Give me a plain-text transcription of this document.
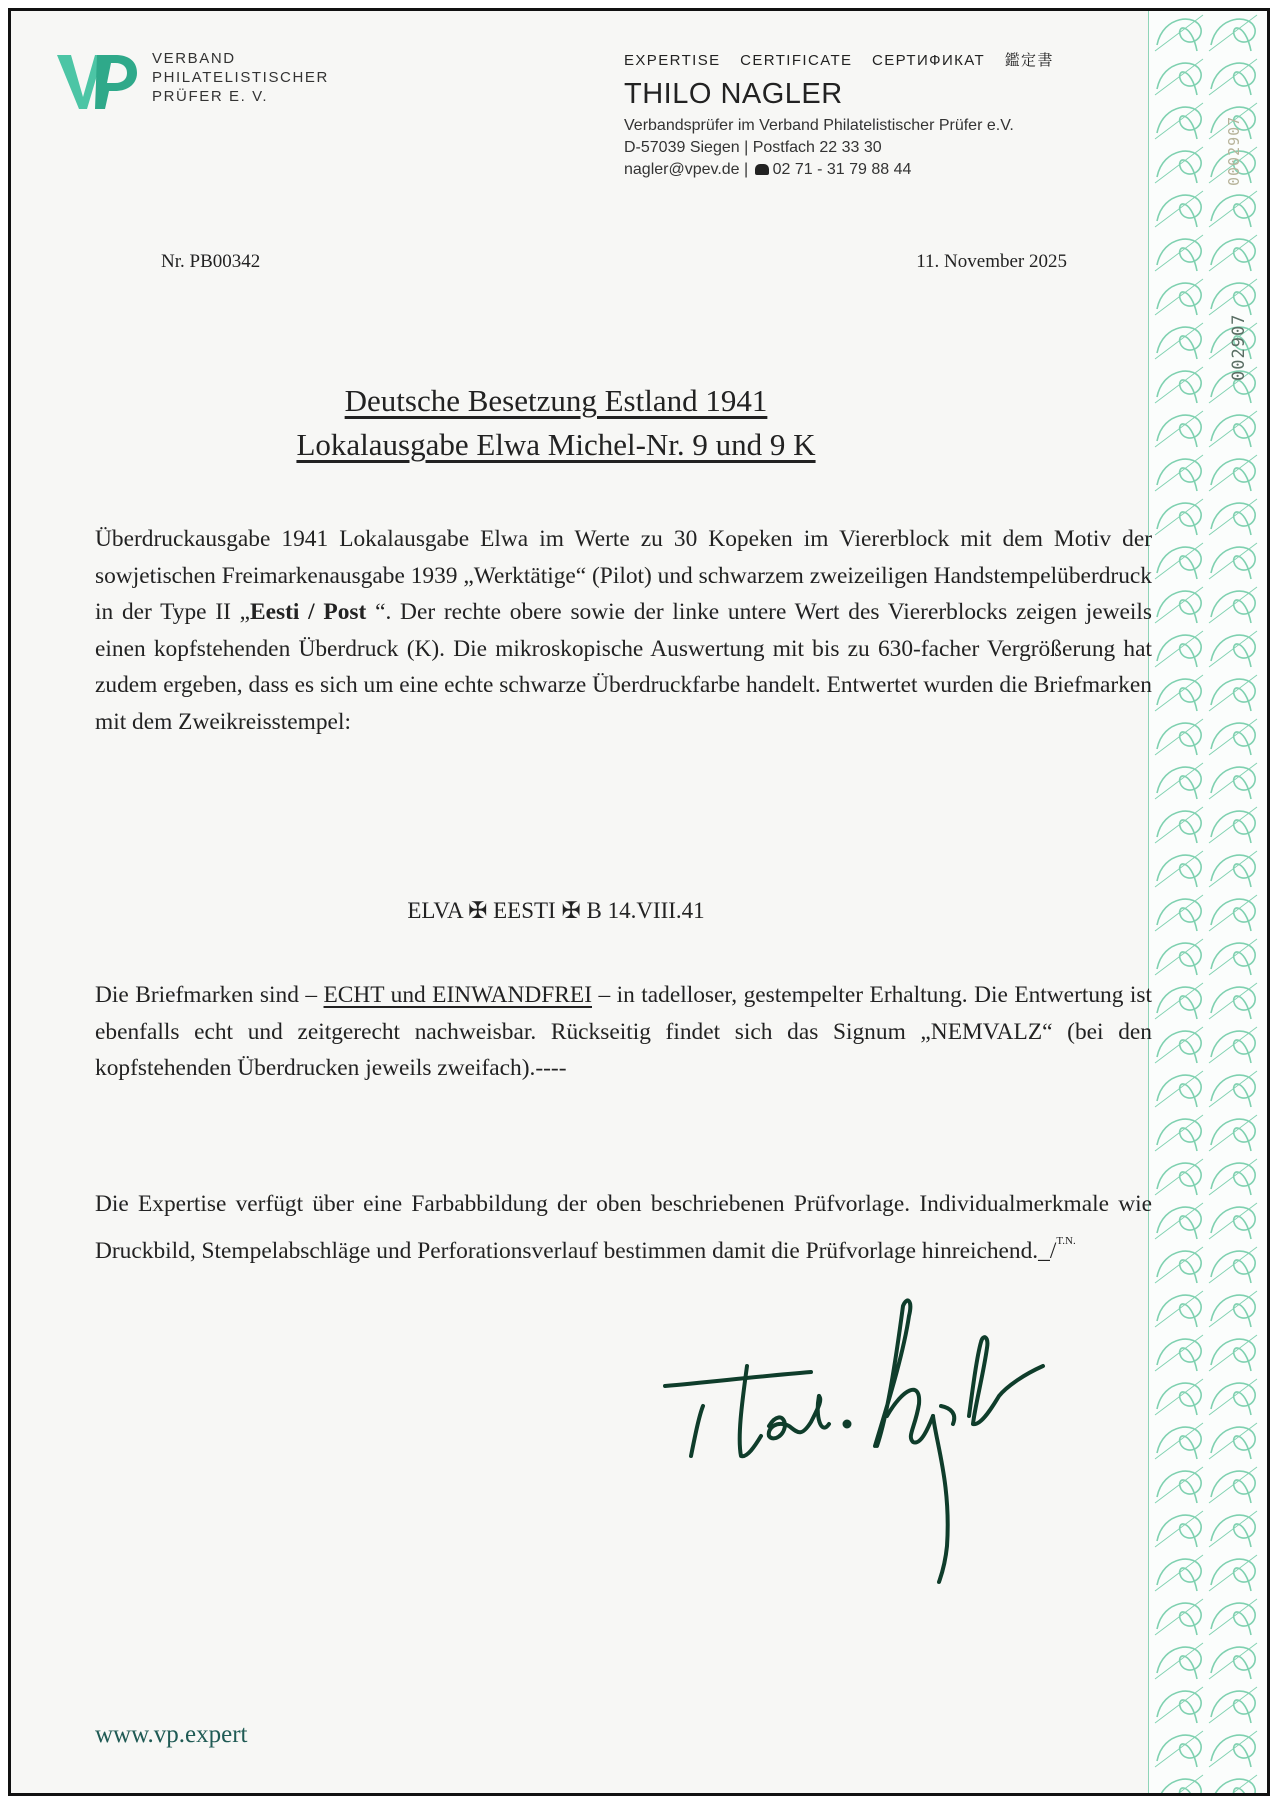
0002907
002907
VERBAND
PHILATELISTISCHER
PRÜFER E. V.
EXPERTISE CERTIFICATE СЕРТИФИКАТ 鑑定書
THILO NAGLER
Verbandsprüfer im Verband Philatelistischer Prüfer e.V.
D-57039 Siegen | Postfach 22 33 30
nagler@vpev.de | 02 71 - 31 79 88 44
Nr. PB00342	11. November 2025
Deutsche Besetzung Estland 1941
Lokalausgabe Elwa Michel-Nr. 9 und 9 K
Überdruckausgabe 1941 Lokalausgabe Elwa im Werte zu 30 Kopeken im Viererblock mit dem Motiv der sowjetischen Freimarkenausgabe 1939 „Werktätige“ (Pilot) und schwarzem zweizeiligen Handstempelüberdruck in der Type II „Eesti / Post “. Der rechte obere sowie der linke untere Wert des Viererblocks zeigen jeweils einen kopfstehenden Überdruck (K). Die mikroskopische Auswertung mit bis zu 630-facher Vergrößerung hat zudem ergeben, dass es sich um eine echte schwarze Überdruckfarbe handelt. Entwertet wurden die Briefmarken mit dem Zweikreisstempel:
ELVA ✠ EESTI ✠ B 14.VIII.41
Die Briefmarken sind – ECHT und EINWANDFREI – in tadelloser, gestempelter Erhaltung. Die Entwertung ist ebenfalls echt und zeitgerecht nachweisbar. Rückseitig findet sich das Signum „NEMVALZ“ (bei den kopfstehenden Überdrucken jeweils zweifach).----
Die Expertise verfügt über eine Farbabbildung der oben beschriebenen Prüfvorlage. Individualmerkmale wie Druckbild, Stempelabschläge und Perforationsverlauf bestimmen damit die Prüfvorlage hinreichend._/$^{T.N.}$
www.vp.expert
